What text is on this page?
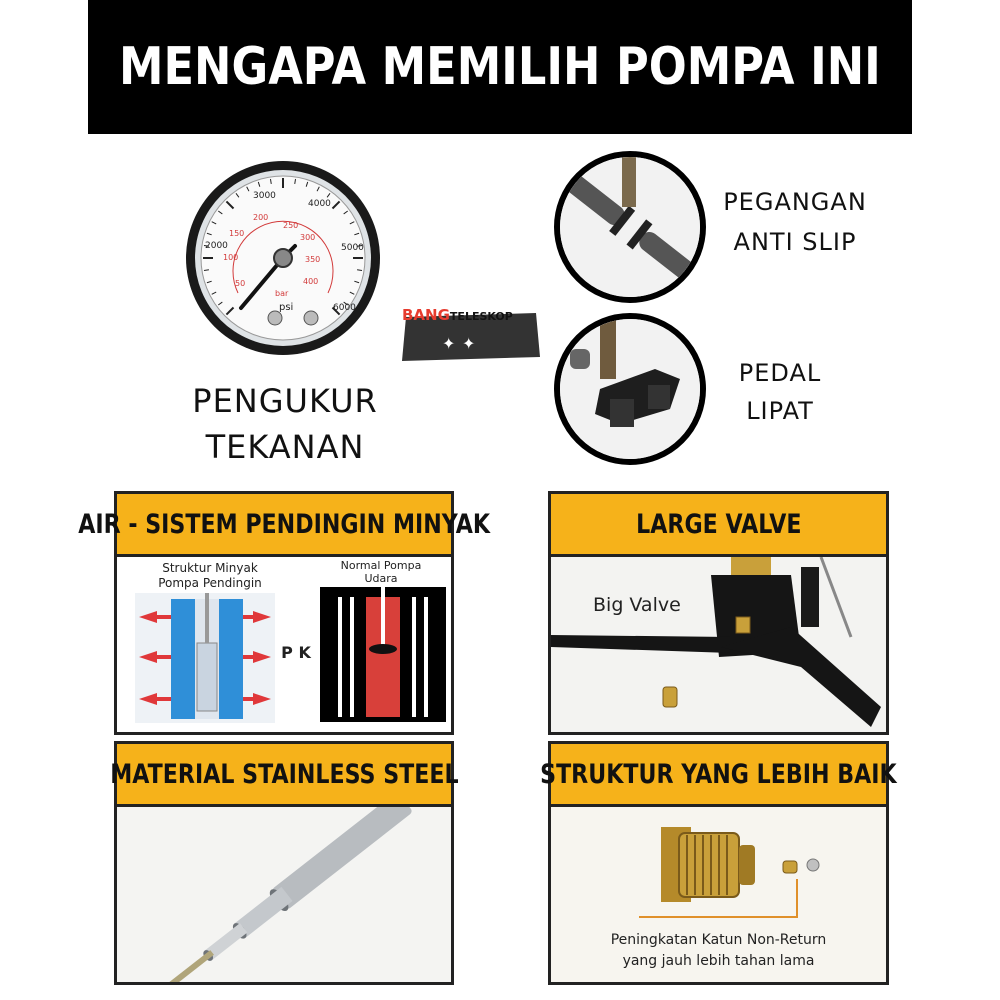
MENGAPA MEMILIH POMPA INI
2000
3000
4000
5000
6000
50
100
150
200
250
300
350
400
bar
psi
PENGUKUR
TEKANAN
✦ ✦
BANGTELESKOP
PEGANGAN
ANTI SLIP
PEDAL
LIPAT
AIR - SISTEM PENDINGIN MINYAK
Struktur Minyak
Pompa Pendingin
P K
Normal Pompa
Udara
LARGE VALVE
Big Valve
MATERIAL STAINLESS STEEL	STRUKTUR YANG LEBIH BAIK
Peningkatan Katun Non-Return
yang jauh lebih tahan lama
